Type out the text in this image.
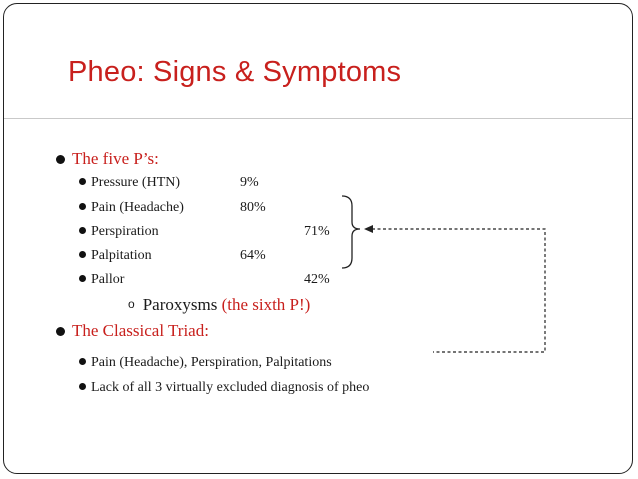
Pheo: Signs & Symptoms
The five P’s:
Pressure (HTN)	9%
Pain (Headache)	80%
Perspiration	71%
Palpitation	64%
Pallor	42%
o Paroxysms (the sixth P!)
The Classical Triad:
Pain (Headache), Perspiration, Palpitations
Lack of all 3 virtually excluded diagnosis of pheo
